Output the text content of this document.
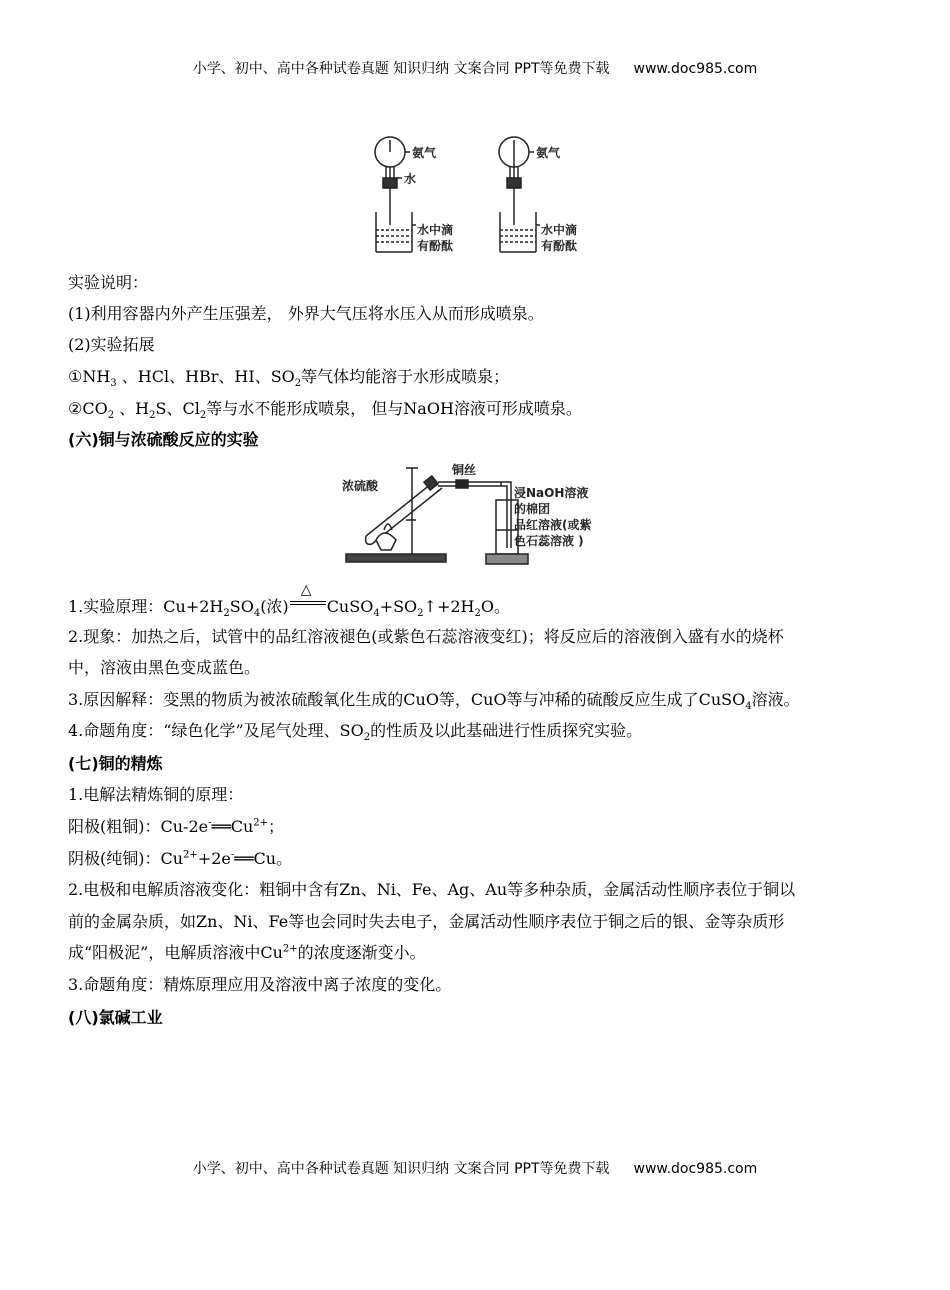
小学、初中、高中各种试卷真题 知识归纳 文案合同 PPT等免费下载 www.doc985.com
氨气
水
水中滴
有酚酞
氨气
水中滴
有酚酞
实验说明：
(1)利用容器内外产生压强差， 外界大气压将水压入从而形成喷泉。
(2)实验拓展
$①NH_3$ 、HCl、HBr、HI、$SO_2$等气体均能溶于水形成喷泉；
$②CO_2$ 、$H_2S$、$Cl_2$等与水不能形成喷泉， 但与NaOH溶液可形成喷泉。
(六)铜与浓硫酸反应的实验
浓硫酸
铜丝
浸NaOH溶液
的棉团
品红溶液(或紫
色石蕊溶液 )
1.实验原理：$Cu+2H_2SO_4$(浓)
△
$CuSO_4+SO_2↑+2H_2O$。
2.现象：加热之后，试管中的品红溶液褪色(或紫色石蕊溶液变红)；将反应后的溶液倒入盛有水的烧杯
中，溶液由黑色变成蓝色。
3.原因解释：变黑的物质为被浓硫酸氧化生成的CuO等，CuO等与冲稀的硫酸反应生成了CuSO$_4$溶液。
4.命题角度：“绿色化学”及尾气处理、$SO_2$的性质及以此基础进行性质探究实验。
(七)铜的精炼
1.电解法精炼铜的原理：
阳极(粗铜)：$Cu-2e^-══Cu^{2+}$；
阴极(纯铜)：$Cu^{2+}+2e^-══Cu$。
2.电极和电解质溶液变化：粗铜中含有Zn、Ni、Fe、Ag、Au等多种杂质，金属活动性顺序表位于铜以
前的金属杂质，如Zn、Ni、Fe等也会同时失去电子，金属活动性顺序表位于铜之后的银、金等杂质形
成“阳极泥”，电解质溶液中$Cu^{2+}$的浓度逐渐变小。
3.命题角度：精炼原理应用及溶液中离子浓度的变化。
(八)氯碱工业
小学、初中、高中各种试卷真题 知识归纳 文案合同 PPT等免费下载 www.doc985.com
